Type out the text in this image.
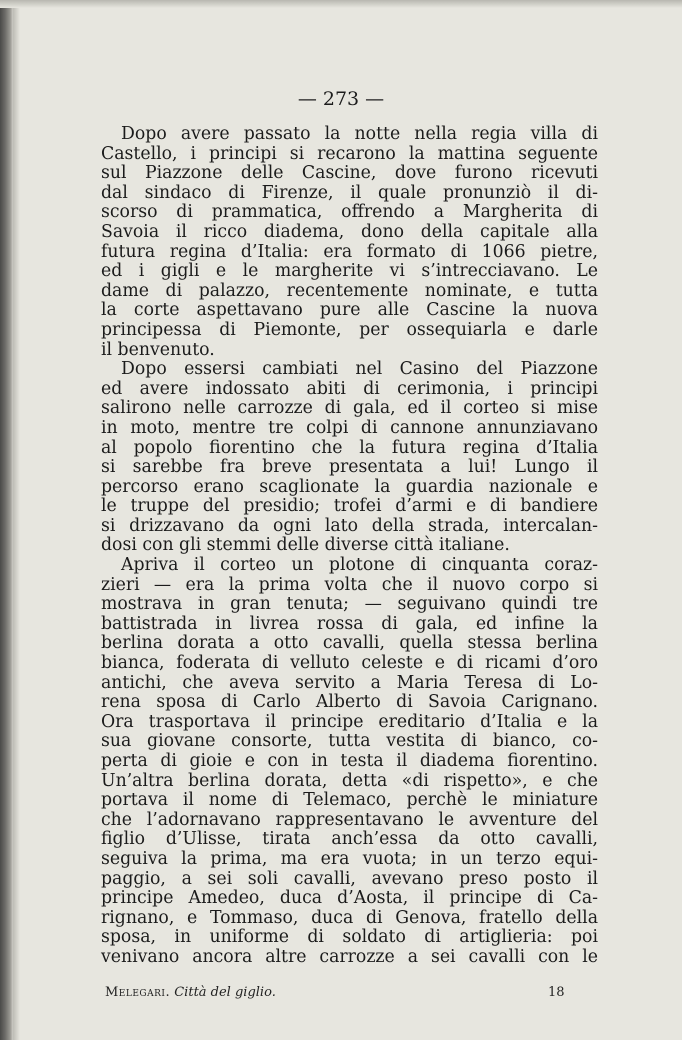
— 273 —

Dopo avere passato la notte nella regia villa di
Castello, i principi si recarono la mattina seguente
sul Piazzone delle Cascine, dove furono ricevuti
dal sindaco di Firenze, il quale pronunziò il di-
scorso di prammatica, offrendo a Margherita di
Savoia il ricco diadema, dono della capitale alla
futura regina d’Italia: era formato di 1066 pietre,
ed i gigli e le margherite vi s’intrecciavano. Le
dame di palazzo, recentemente nominate, e tutta
la corte aspettavano pure alle Cascine la nuova
principessa di Piemonte, per ossequiarla e darle
il benvenuto.
Dopo essersi cambiati nel Casino del Piazzone
ed avere indossato abiti di cerimonia, i principi
salirono nelle carrozze di gala, ed il corteo si mise
in moto, mentre tre colpi di cannone annunziavano
al popolo fiorentino che la futura regina d’Italia
si sarebbe fra breve presentata a lui! Lungo il
percorso erano scaglionate la guardia nazionale e
le truppe del presidio; trofei d’armi e di bandiere
si drizzavano da ogni lato della strada, intercalan-
dosi con gli stemmi delle diverse città italiane.
Apriva il corteo un plotone di cinquanta coraz-
zieri — era la prima volta che il nuovo corpo si
mostrava in gran tenuta; — seguivano quindi tre
battistrada in livrea rossa di gala, ed infine la
berlina dorata a otto cavalli, quella stessa berlina
bianca, foderata di velluto celeste e di ricami d’oro
antichi, che aveva servito a Maria Teresa di Lo-
rena sposa di Carlo Alberto di Savoia Carignano.
Ora trasportava il principe ereditario d’Italia e la
sua giovane consorte, tutta vestita di bianco, co-
perta di gioie e con in testa il diadema fiorentino.
Un’altra berlina dorata, detta «di rispetto», e che
portava il nome di Telemaco, perchè le miniature
che l’adornavano rappresentavano le avventure del
figlio d’Ulisse, tirata anch’essa da otto cavalli,
seguiva la prima, ma era vuota; in un terzo equi-
paggio, a sei soli cavalli, avevano preso posto il
principe Amedeo, duca d’Aosta, il principe di Ca-
rignano, e Tommaso, duca di Genova, fratello della
sposa, in uniforme di soldato di artiglieria: poi
venivano ancora altre carrozze a sei cavalli con le
Melegari. Città del giglio.	18
